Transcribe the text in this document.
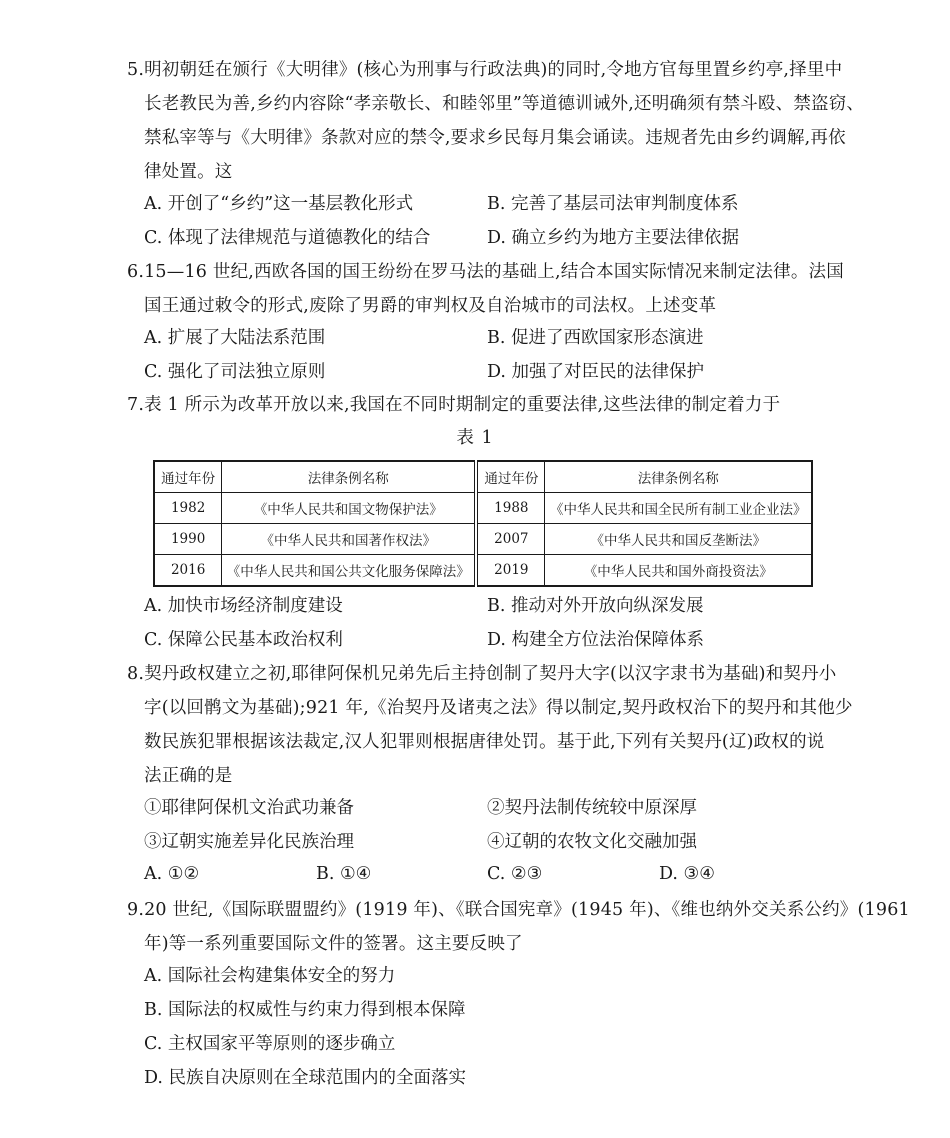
5.明初朝廷在颁行《大明律》(核心为刑事与行政法典)的同时,令地方官每里置乡约亭,择里中
长老教民为善,乡约内容除“孝亲敬长、和睦邻里”等道德训诫外,还明确须有禁斗殴、禁盗窃、
禁私宰等与《大明律》条款对应的禁令,要求乡民每月集会诵读。违规者先由乡约调解,再依
律处置。这
A. 开创了“乡约”这一基层教化形式	B. 完善了基层司法审判制度体系
C. 体现了法律规范与道德教化的结合	D. 确立乡约为地方主要法律依据
6.15—16 世纪,西欧各国的国王纷纷在罗马法的基础上,结合本国实际情况来制定法律。法国
国王通过敕令的形式,废除了男爵的审判权及自治城市的司法权。上述变革
A. 扩展了大陆法系范围	B. 促进了西欧国家形态演进
C. 强化了司法独立原则	D. 加强了对臣民的法律保护
7.表 1 所示为改革开放以来,我国在不同时期制定的重要法律,这些法律的制定着力于
表 1
通过年份	法律条例名称	通过年份	法律条例名称
1982	《中华人民共和国文物保护法》	1988	《中华人民共和国全民所有制工业企业法》
1990	《中华人民共和国著作权法》	2007	《中华人民共和国反垄断法》
2016	《中华人民共和国公共文化服务保障法》	2019	《中华人民共和国外商投资法》
A. 加快市场经济制度建设	B. 推动对外开放向纵深发展
C. 保障公民基本政治权利	D. 构建全方位法治保障体系
8.契丹政权建立之初,耶律阿保机兄弟先后主持创制了契丹大字(以汉字隶书为基础)和契丹小
字(以回鹘文为基础);921 年,《治契丹及诸夷之法》得以制定,契丹政权治下的契丹和其他少
数民族犯罪根据该法裁定,汉人犯罪则根据唐律处罚。基于此,下列有关契丹(辽)政权的说
法正确的是
①耶律阿保机文治武功兼备	②契丹法制传统较中原深厚
③辽朝实施差异化民族治理	④辽朝的农牧文化交融加强
A. ①②	B. ①④	C. ②③	D. ③④
9.20 世纪,《国际联盟盟约》(1919 年)、《联合国宪章》(1945 年)、《维也纳外交关系公约》(1961
年)等一系列重要国际文件的签署。这主要反映了
A. 国际社会构建集体安全的努力
B. 国际法的权威性与约束力得到根本保障
C. 主权国家平等原则的逐步确立
D. 民族自决原则在全球范围内的全面落实
